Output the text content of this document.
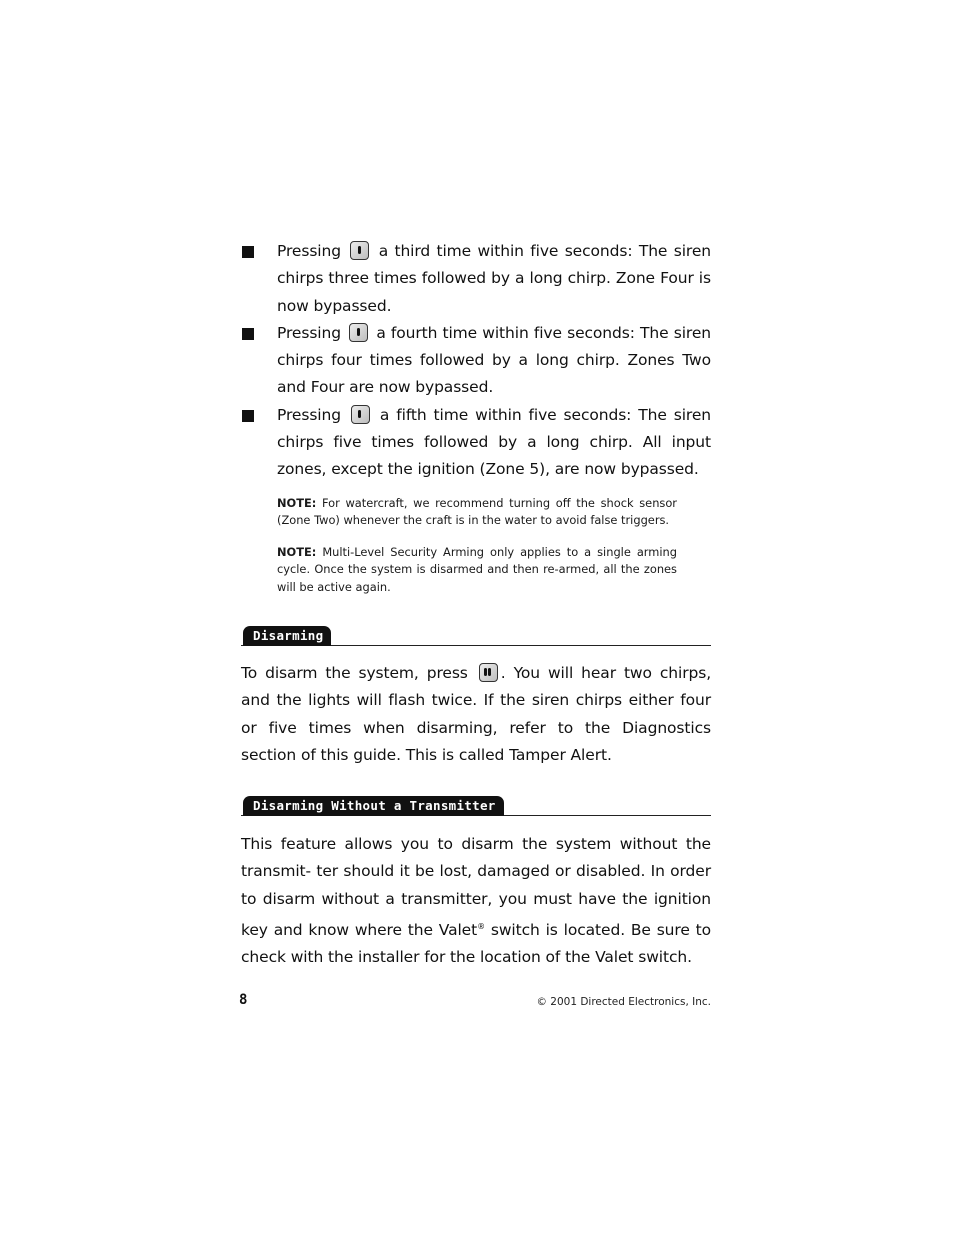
Pressing a third time within five seconds: The siren chirps three times followed by a long chirp. Zone Four is now bypassed.
Pressing a fourth time within five seconds: The siren chirps four times followed by a long chirp. Zones Two and Four are now bypassed.
Pressing	a fifth time within five seconds: The siren chirps five times followed by a long chirp. All input zones, except the ignition (Zone 5), are now bypassed.
NOTE: For watercraft, we recommend turning off the shock sensor (Zone Two) whenever the craft is in the water to avoid false triggers.
NOTE: Multi-Level Security Arming only applies to a single arming cycle. Once the system is disarmed and then re-armed, all the zones will be active again.
Disarming
To disarm the system, press . You will hear two chirps, and the lights will flash twice. If the siren chirps either four or five times when disarming, refer to the Diagnostics section of this guide. This is called Tamper Alert.
Disarming Without a Transmitter
This feature allows you to disarm the system without the transmit- ter should it be lost, damaged or disabled. In order to disarm without a transmitter, you must have the ignition key and know where the Valet® switch is located. Be sure to check with the installer for the location of the Valet switch.
8	© 2001 Directed Electronics, Inc.
